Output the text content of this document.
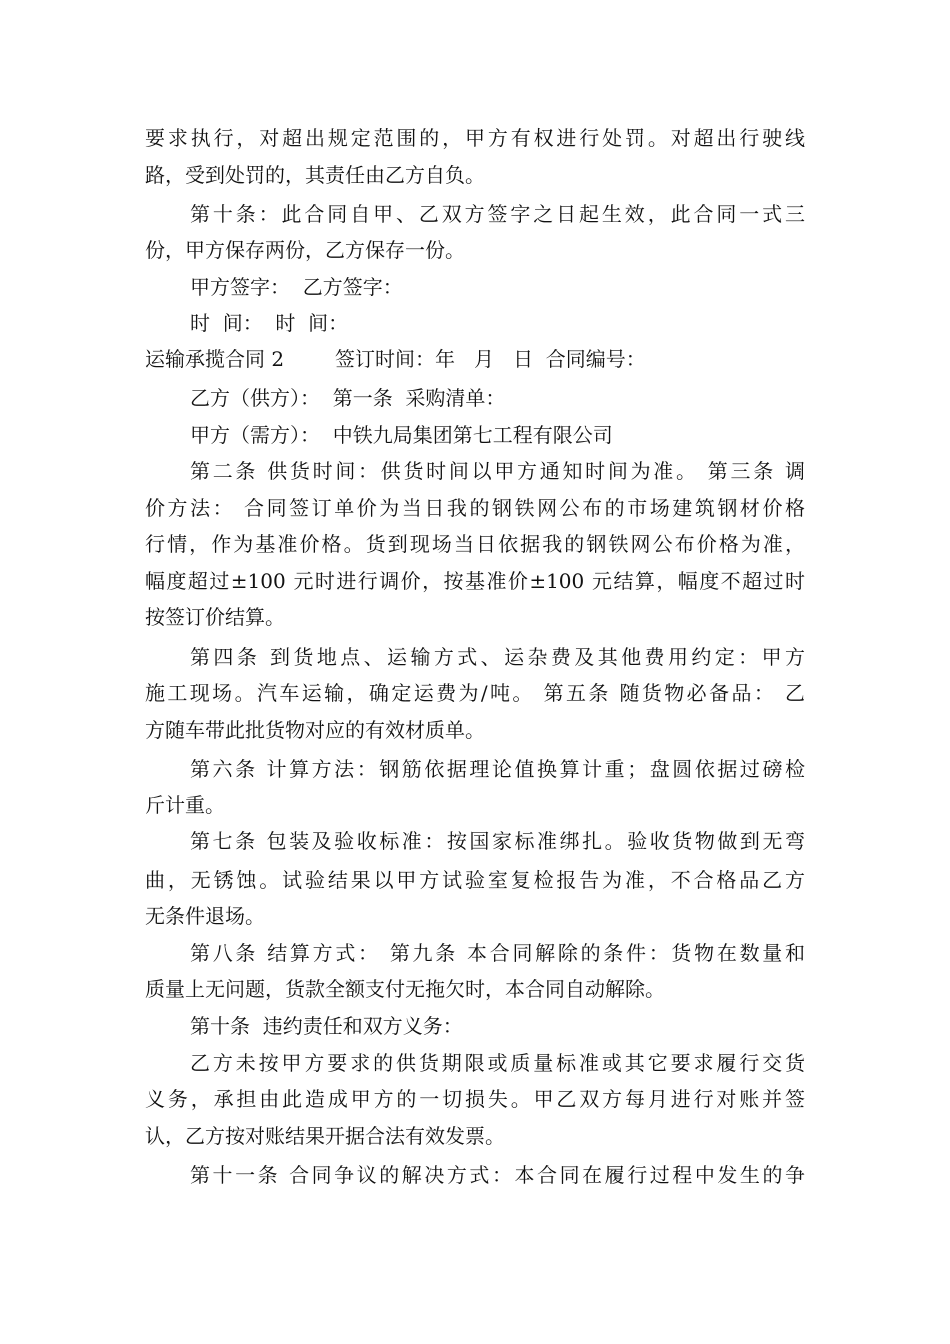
要求执行，对超出规定范围的，甲方有权进行处罚。对超出行驶线
路，受到处罚的，其责任由乙方自负。
第十条：此合同自甲、乙双方签字之日起生效，此合同一式三
份，甲方保存两份，乙方保存一份。
甲方签字：  乙方签字：
时  间：  时  间：
运输承揽合同 2        签订时间：年   月   日  合同编号：
乙方（供方）：  第一条  采购清单：
甲方（需方）：  中铁九局集团第七工程有限公司
第二条 供货时间：供货时间以甲方通知时间为准。 第三条 调
价方法： 合同签订单价为当日我的钢铁网公布的市场建筑钢材价格
行情，作为基准价格。货到现场当日依据我的钢铁网公布价格为准，
幅度超过±100 元时进行调价，按基准价±100 元结算，幅度不超过时
按签订价结算。
第四条 到货地点、运输方式、运杂费及其他费用约定：甲方
施工现场。汽车运输，确定运费为/吨。 第五条 随货物必备品： 乙
方随车带此批货物对应的有效材质单。
第六条 计算方法：钢筋依据理论值换算计重；盘圆依据过磅检
斤计重。
第七条 包装及验收标准：按国家标准绑扎。验收货物做到无弯
曲，无锈蚀。试验结果以甲方试验室复检报告为准，不合格品乙方
无条件退场。
第八条 结算方式： 第九条 本合同解除的条件：货物在数量和
质量上无问题，货款全额支付无拖欠时，本合同自动解除。
第十条  违约责任和双方义务：
乙方未按甲方要求的供货期限或质量标准或其它要求履行交货
义务，承担由此造成甲方的一切损失。甲乙双方每月进行对账并签
认，乙方按对账结果开据合法有效发票。
第十一条 合同争议的解决方式：本合同在履行过程中发生的争
